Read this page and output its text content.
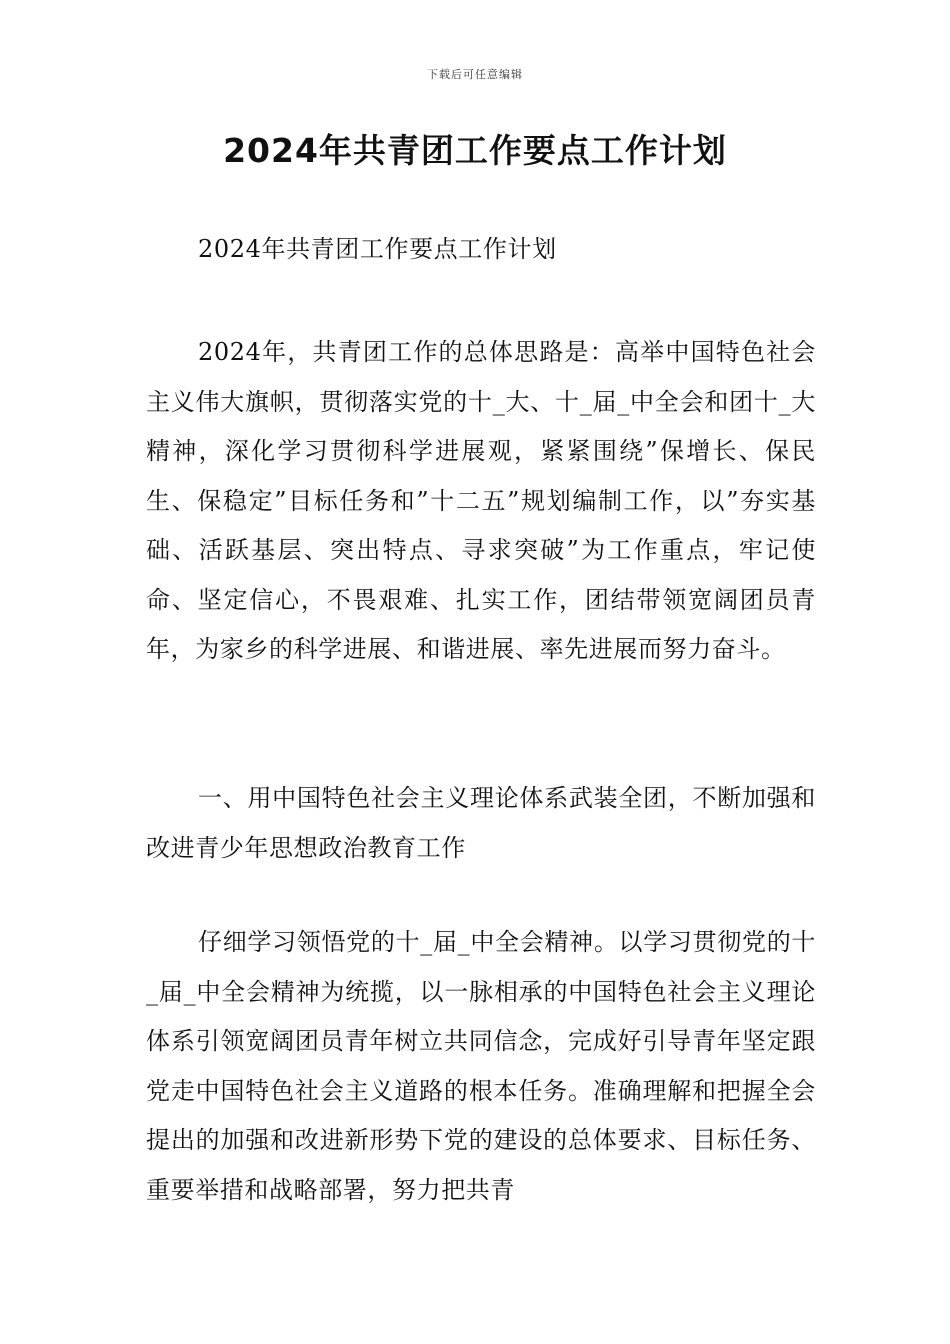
下载后可任意编辑
2024年共青团工作要点工作计划

2024年共青团工作要点工作计划

2024年，共青团工作的总体思路是：高举中国特色社会主义伟大旗帜，贯彻落实党的十_大、十_届_中全会和团十_大精神，深化学习贯彻科学进展观，紧紧围绕”保增长、保民生、保稳定”目标任务和”十二五”规划编制工作，以”夯实基础、活跃基层、突出特点、寻求突破”为工作重点，牢记使命、坚定信心，不畏艰难、扎实工作，团结带领宽阔团员青年，为家乡的科学进展、和谐进展、率先进展而努力奋斗。

一、用中国特色社会主义理论体系武装全团，不断加强和改进青少年思想政治教育工作

仔细学习领悟党的十_届_中全会精神。以学习贯彻党的十_届_中全会精神为统揽，以一脉相承的中国特色社会主义理论体系引领宽阔团员青年树立共同信念，完成好引导青年坚定跟党走中国特色社会主义道路的根本任务。准确理解和把握全会提出的加强和改进新形势下党的建设的总体要求、目标任务、重要举措和战略部署，努力把共青
